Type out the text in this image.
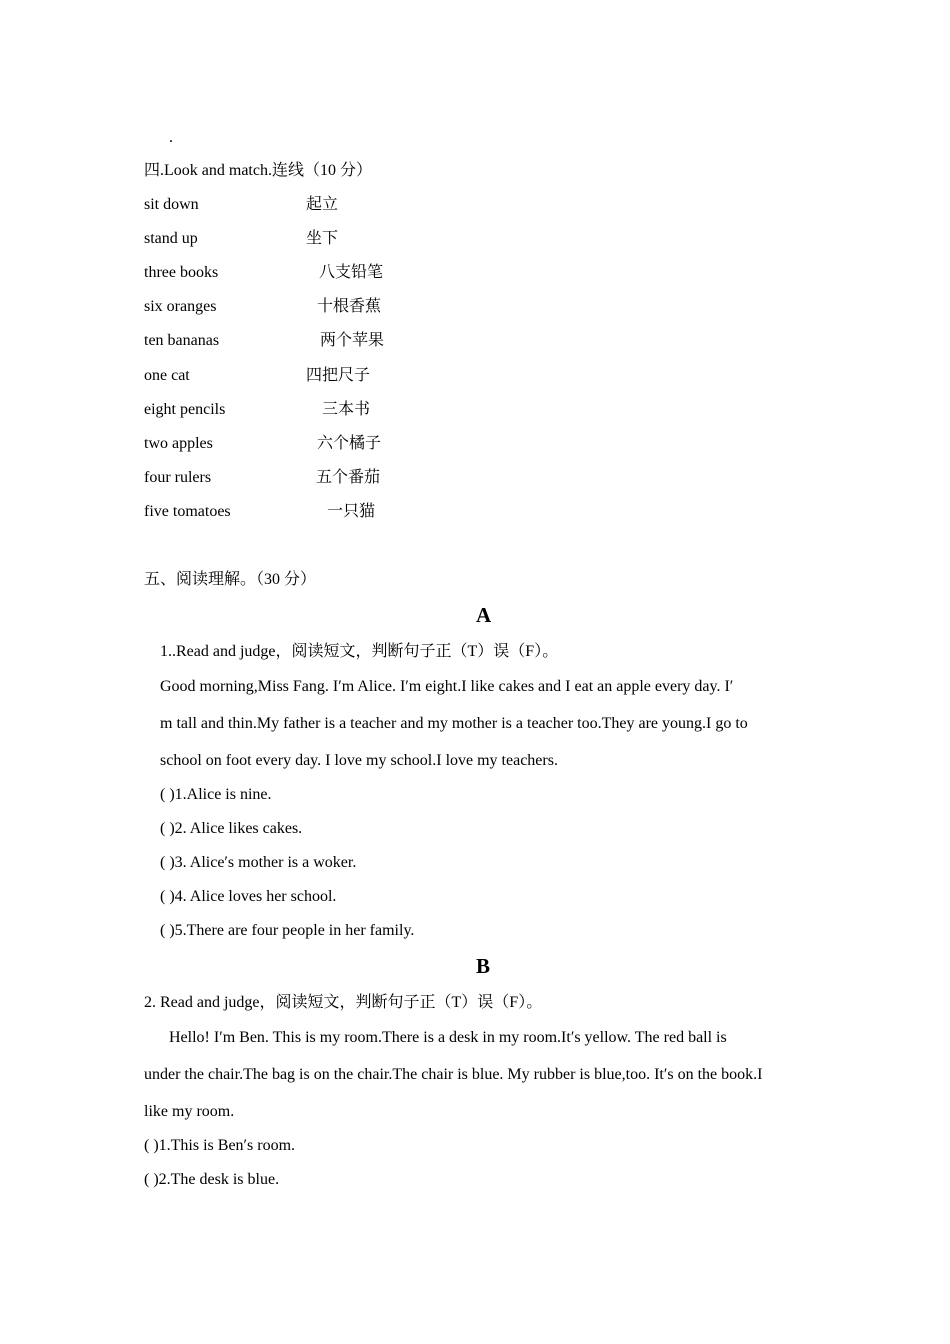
.
四.Look and match.连线（10 分）
sit down	起立
stand up	坐下
three books	八支铅笔
six oranges	十根香蕉
ten bananas	两个苹果
one cat	四把尺子
eight pencils	三本书
two apples	六个橘子
four rulers	五个番茄
five tomatoes	一只猫
五、阅读理解。（30 分）
A
1..Read and judge，阅读短文，判断句子正（T）误（F）。
Good morning,Miss Fang. I′m Alice. I′m eight.I like cakes and I eat an apple every day. I′
m tall and thin.My father is a teacher and my mother is a teacher too.They are young.I go to
school on foot every day. I love my school.I love my teachers.
( )1.Alice is nine.
( )2. Alice likes cakes.
( )3. Alice′s mother is a woker.
( )4. Alice loves her school.
( )5.There are four people in her family.
B
2. Read and judge，阅读短文，判断句子正（T）误（F）。
Hello! I′m Ben. This is my room.There is a desk in my room.It′s yellow. The red ball is
under the chair.The bag is on the chair.The chair is blue. My rubber is blue,too. It′s on the book.I
like my room.
( )1.This is Ben′s room.
( )2.The desk is blue.
